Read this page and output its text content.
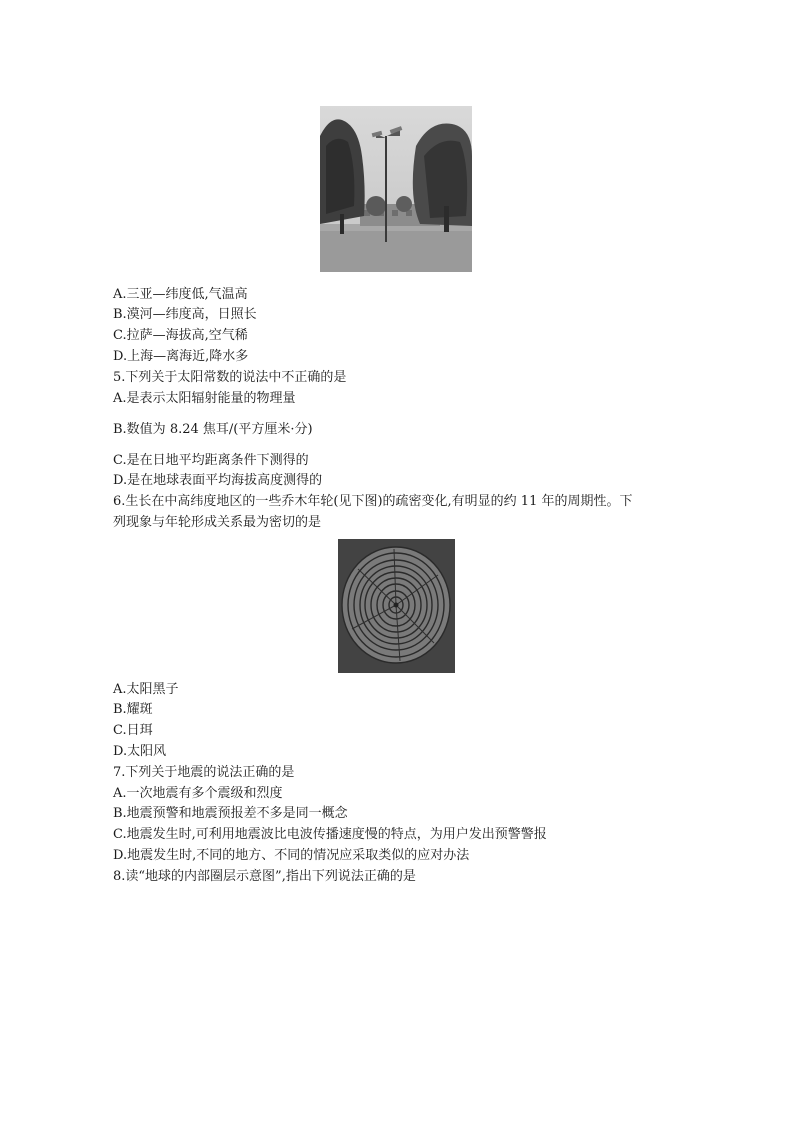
A.三亚—纬度低,气温高
B.漠河—纬度高，日照长
C.拉萨—海拔高,空气稀
D.上海—离海近,降水多
5.下列关于太阳常数的说法中不正确的是
A.是表示太阳辐射能量的物理量
B.数值为 8.24 焦耳/(平方厘米·分)
C.是在日地平均距离条件下测得的
D.是在地球表面平均海拔高度测得的
6.生长在中高纬度地区的一些乔木年轮(见下图)的疏密变化,有明显的约 11 年的周期性。下
列现象与年轮形成关系最为密切的是
A.太阳黑子
B.耀斑
C.日珥
D.太阳风
7.下列关于地震的说法正确的是
A.一次地震有多个震级和烈度
B.地震预警和地震预报差不多是同一概念
C.地震发生时,可利用地震波比电波传播速度慢的特点，为用户发出预警警报
D.地震发生时,不同的地方、不同的情况应采取类似的应对办法
8.读“地球的内部圈层示意图”,指出下列说法正确的是
